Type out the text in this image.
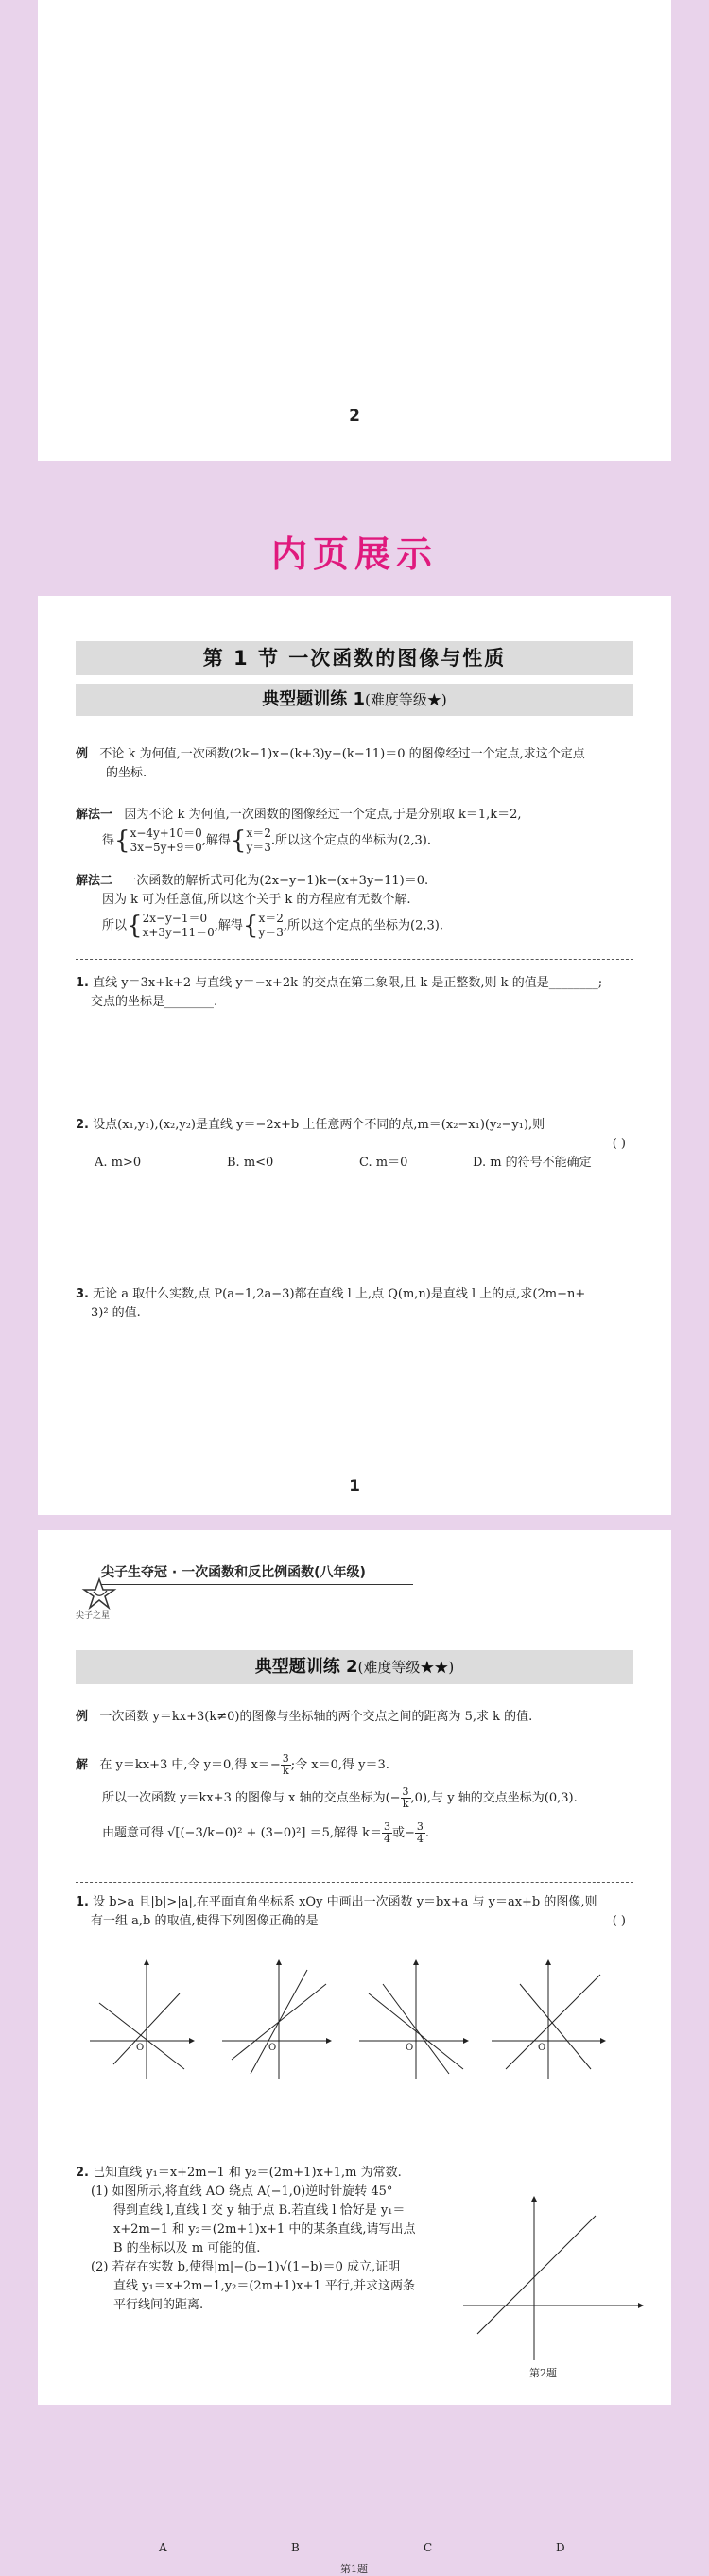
2
内页展示
第 1 节 一次函数的图像与性质
典型题训练 1(难度等级★)
例 不论 k 为何值,一次函数(2k−1)x−(k+3)y−(k−11)＝0 的图像经过一个定点,求这个定点
的坐标.
解法一 因为不论 k 为何值,一次函数的图像经过一个定点,于是分别取 k＝1,k＝2,
得{ x−4y+10＝0
3x−5y+9＝0 ,解得{ x＝2
y＝3 .所以这个定点的坐标为(2,3).
解法二 一次函数的解析式可化为(2x−y−1)k−(x+3y−11)＝0.
因为 k 可为任意值,所以这个关于 k 的方程应有无数个解.
所以{ 2x−y−1＝0
x+3y−11＝0 ,解得{ x＝2
y＝3 ,所以这个定点的坐标为(2,3).
1. 直线 y＝3x+k+2 与直线 y＝−x+2k 的交点在第二象限,且 k 是正整数,则 k 的值是________;
交点的坐标是________.
2. 设点(x₁,y₁),(x₂,y₂)是直线 y＝−2x+b 上任意两个不同的点,m＝(x₂−x₁)(y₂−y₁),则
( )
A. m>0	B. m<0	C. m＝0	D. m 的符号不能确定
3. 无论 a 取什么实数,点 P(a−1,2a−3)都在直线 l 上,点 Q(m,n)是直线 l 上的点,求(2m−n+
3)² 的值.
1
尖子之星
尖子生夺冠 · 一次函数和反比例函数(八年级)
典型题训练 2(难度等级★★)
例 一次函数 y＝kx+3(k≠0)的图像与坐标轴的两个交点之间的距离为 5,求 k 的值.
解 在 y＝kx+3 中,令 y＝0,得 $x=- \frac{3}{k}$ ;令 x＝0,得 y＝3.
所以一次函数 y＝kx+3 的图像与 x 轴的交点坐标为(− $\frac{3}{k} ,0$),与 y 轴的交点坐标为(0,3).
由题意可得 √[(−3/k−0)² + (3−0)²] ＝5,解得 $k= \frac{3}{4}$ 或− $\frac{3}{4}$ .
1. 设 b>a 且|b|>|a|,在平面直角坐标系 xOy 中画出一次函数 y＝bx+a 与 y＝ax+b 的图像,则
有一组 a,b 的取值,使得下列图像正确的是	( )
A	B	C	D
第1题
O	O	O	O
2. 已知直线 y₁＝x+2m−1 和 y₂＝(2m+1)x+1,m 为常数.
(1) 如图所示,将直线 AO 绕点 A(−1,0)逆时针旋转 45°
得到直线 l,直线 l 交 y 轴于点 B.若直线 l 恰好是 y₁＝
x+2m−1 和 y₂＝(2m+1)x+1 中的某条直线,请写出点
B 的坐标以及 m 可能的值.
(2) 若存在实数 b,使得|m|−(b−1)√(1−b)＝0 成立,证明
直线 y₁＝x+2m−1,y₂＝(2m+1)x+1 平行,并求这两条
平行线间的距离.
第2题
